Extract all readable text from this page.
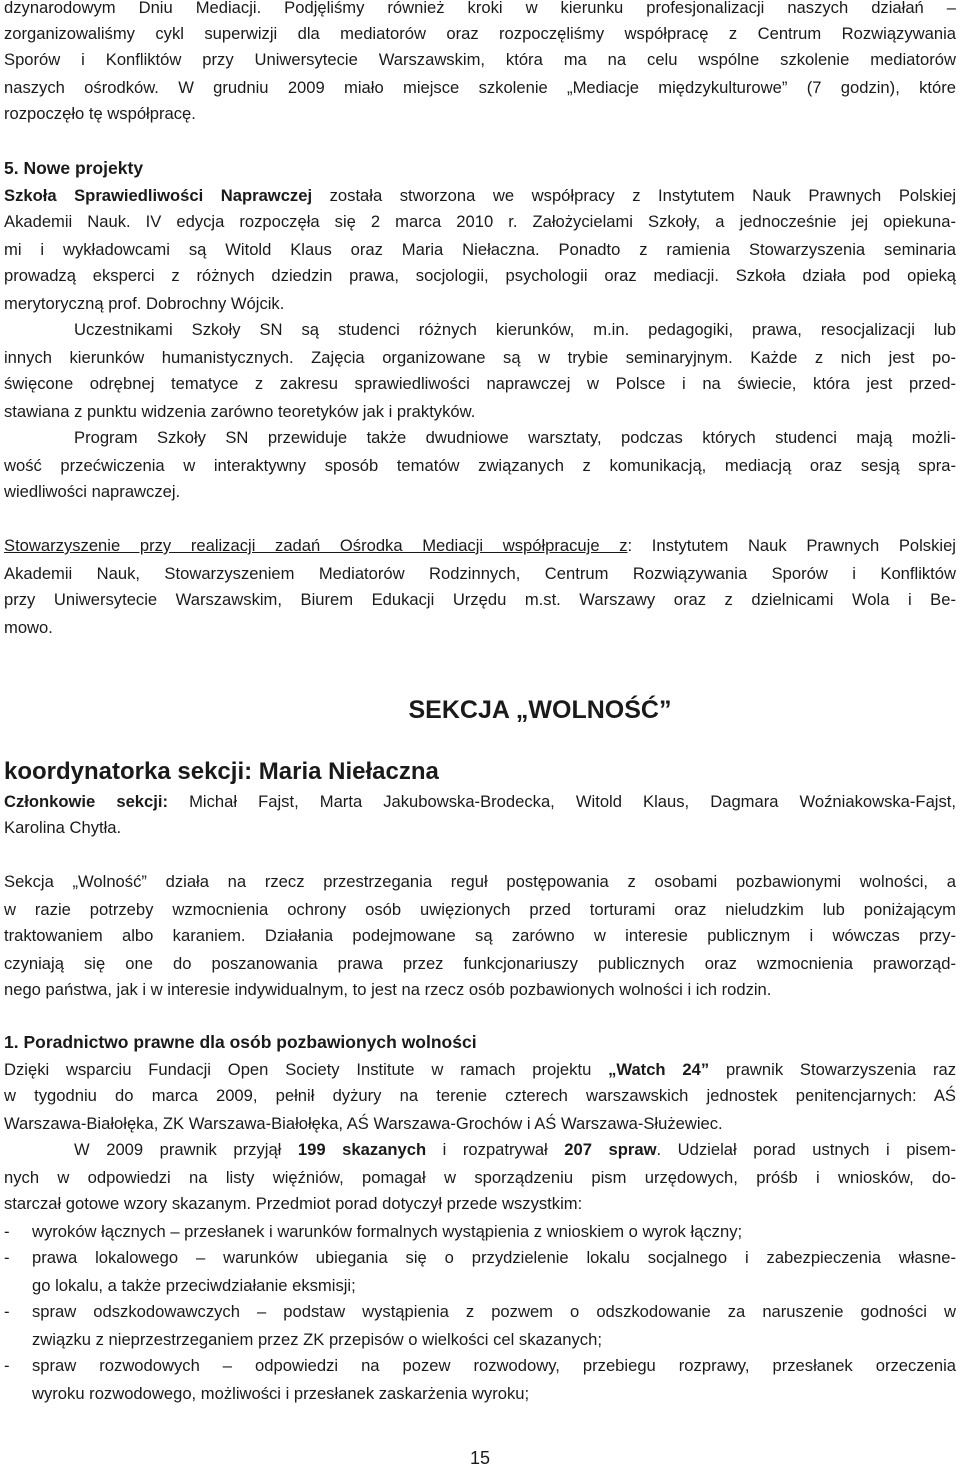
dzynarodowym Dniu Mediacji. Podjęliśmy również kroki w kierunku profesjonalizacji naszych działań –
zorganizowaliśmy cykl superwizji dla mediatorów oraz rozpoczęliśmy współpracę z Centrum Rozwiązywania
Sporów i Konfliktów przy Uniwersytecie Warszawskim, która ma na celu wspólne szkolenie mediatorów
naszych ośrodków. W grudniu 2009 miało miejsce szkolenie „Mediacje międzykulturowe” (7 godzin), które
rozpoczęło tę współpracę.
5. Nowe projekty
Szkoła Sprawiedliwości Naprawczej została stworzona we współpracy z Instytutem Nauk Prawnych Polskiej
Akademii Nauk. IV edycja rozpoczęła się 2 marca 2010 r. Założycielami Szkoły, a jednocześnie jej opiekuna-
mi i wykładowcami są Witold Klaus oraz Maria Niełaczna. Ponadto z ramienia Stowarzyszenia seminaria
prowadzą eksperci z różnych dziedzin prawa, socjologii, psychologii oraz mediacji. Szkoła działa pod opieką
merytoryczną prof. Dobrochny Wójcik.
Uczestnikami Szkoły SN są studenci różnych kierunków, m.in. pedagogiki, prawa, resocjalizacji lub
innych kierunków humanistycznych. Zajęcia organizowane są w trybie seminaryjnym. Każde z nich jest po-
święcone odrębnej tematyce z zakresu sprawiedliwości naprawczej w Polsce i na świecie, która jest przed-
stawiana z punktu widzenia zarówno teoretyków jak i praktyków.
Program Szkoły SN przewiduje także dwudniowe warsztaty, podczas których studenci mają możli-
wość przećwiczenia w interaktywny sposób tematów związanych z komunikacją, mediacją oraz sesją spra-
wiedliwości naprawczej.
Stowarzyszenie przy realizacji zadań Ośrodka Mediacji współpracuje z: Instytutem Nauk Prawnych Polskiej
Akademii Nauk, Stowarzyszeniem Mediatorów Rodzinnych, Centrum Rozwiązywania Sporów i Konfliktów
przy Uniwersytecie Warszawskim, Biurem Edukacji Urzędu m.st. Warszawy oraz z dzielnicami Wola i Be-
mowo.
SEKCJA „WOLNOŚĆ”
koordynatorka sekcji: Maria Niełaczna
Członkowie sekcji: Michał Fajst, Marta Jakubowska-Brodecka, Witold Klaus, Dagmara Woźniakowska-Fajst,
Karolina Chytła.
Sekcja „Wolność” działa na rzecz przestrzegania reguł postępowania z osobami pozbawionymi wolności, a
w razie potrzeby wzmocnienia ochrony osób uwięzionych przed torturami oraz nieludzkim lub poniżającym
traktowaniem albo karaniem. Działania podejmowane są zarówno w interesie publicznym i wówczas przy-
czyniają się one do poszanowania prawa przez funkcjonariuszy publicznych oraz wzmocnienia praworząd-
nego państwa, jak i w interesie indywidualnym, to jest na rzecz osób pozbawionych wolności i ich rodzin.
1. Poradnictwo prawne dla osób pozbawionych wolności
Dzięki wsparciu Fundacji Open Society Institute w ramach projektu „Watch 24” prawnik Stowarzyszenia raz
w tygodniu do marca 2009, pełnił dyżury na terenie czterech warszawskich jednostek penitencjarnych: AŚ
Warszawa-Białołęka, ZK Warszawa-Białołęka, AŚ Warszawa-Grochów i AŚ Warszawa-Służewiec.
W 2009 prawnik przyjął 199 skazanych i rozpatrywał 207 spraw. Udzielał porad ustnych i pisem-
nych w odpowiedzi na listy więźniów, pomagał w sporządzeniu pism urzędowych, próśb i wniosków, do-
starczał gotowe wzory skazanym. Przedmiot porad dotyczył przede wszystkim:
- wyroków łącznych – przesłanek i warunków formalnych wystąpienia z wnioskiem o wyrok łączny;
- prawa lokalowego – warunków ubiegania się o przydzielenie lokalu socjalnego i zabezpieczenia własne-
go lokalu, a także przeciwdziałanie eksmisji;
- spraw odszkodowawczych – podstaw wystąpienia z pozwem o odszkodowanie za naruszenie godności w
związku z nieprzestrzeganiem przez ZK przepisów o wielkości cel skazanych;
- spraw rozwodowych – odpowiedzi na pozew rozwodowy, przebiegu rozprawy, przesłanek orzeczenia
wyroku rozwodowego, możliwości i przesłanek zaskarżenia wyroku;
15
